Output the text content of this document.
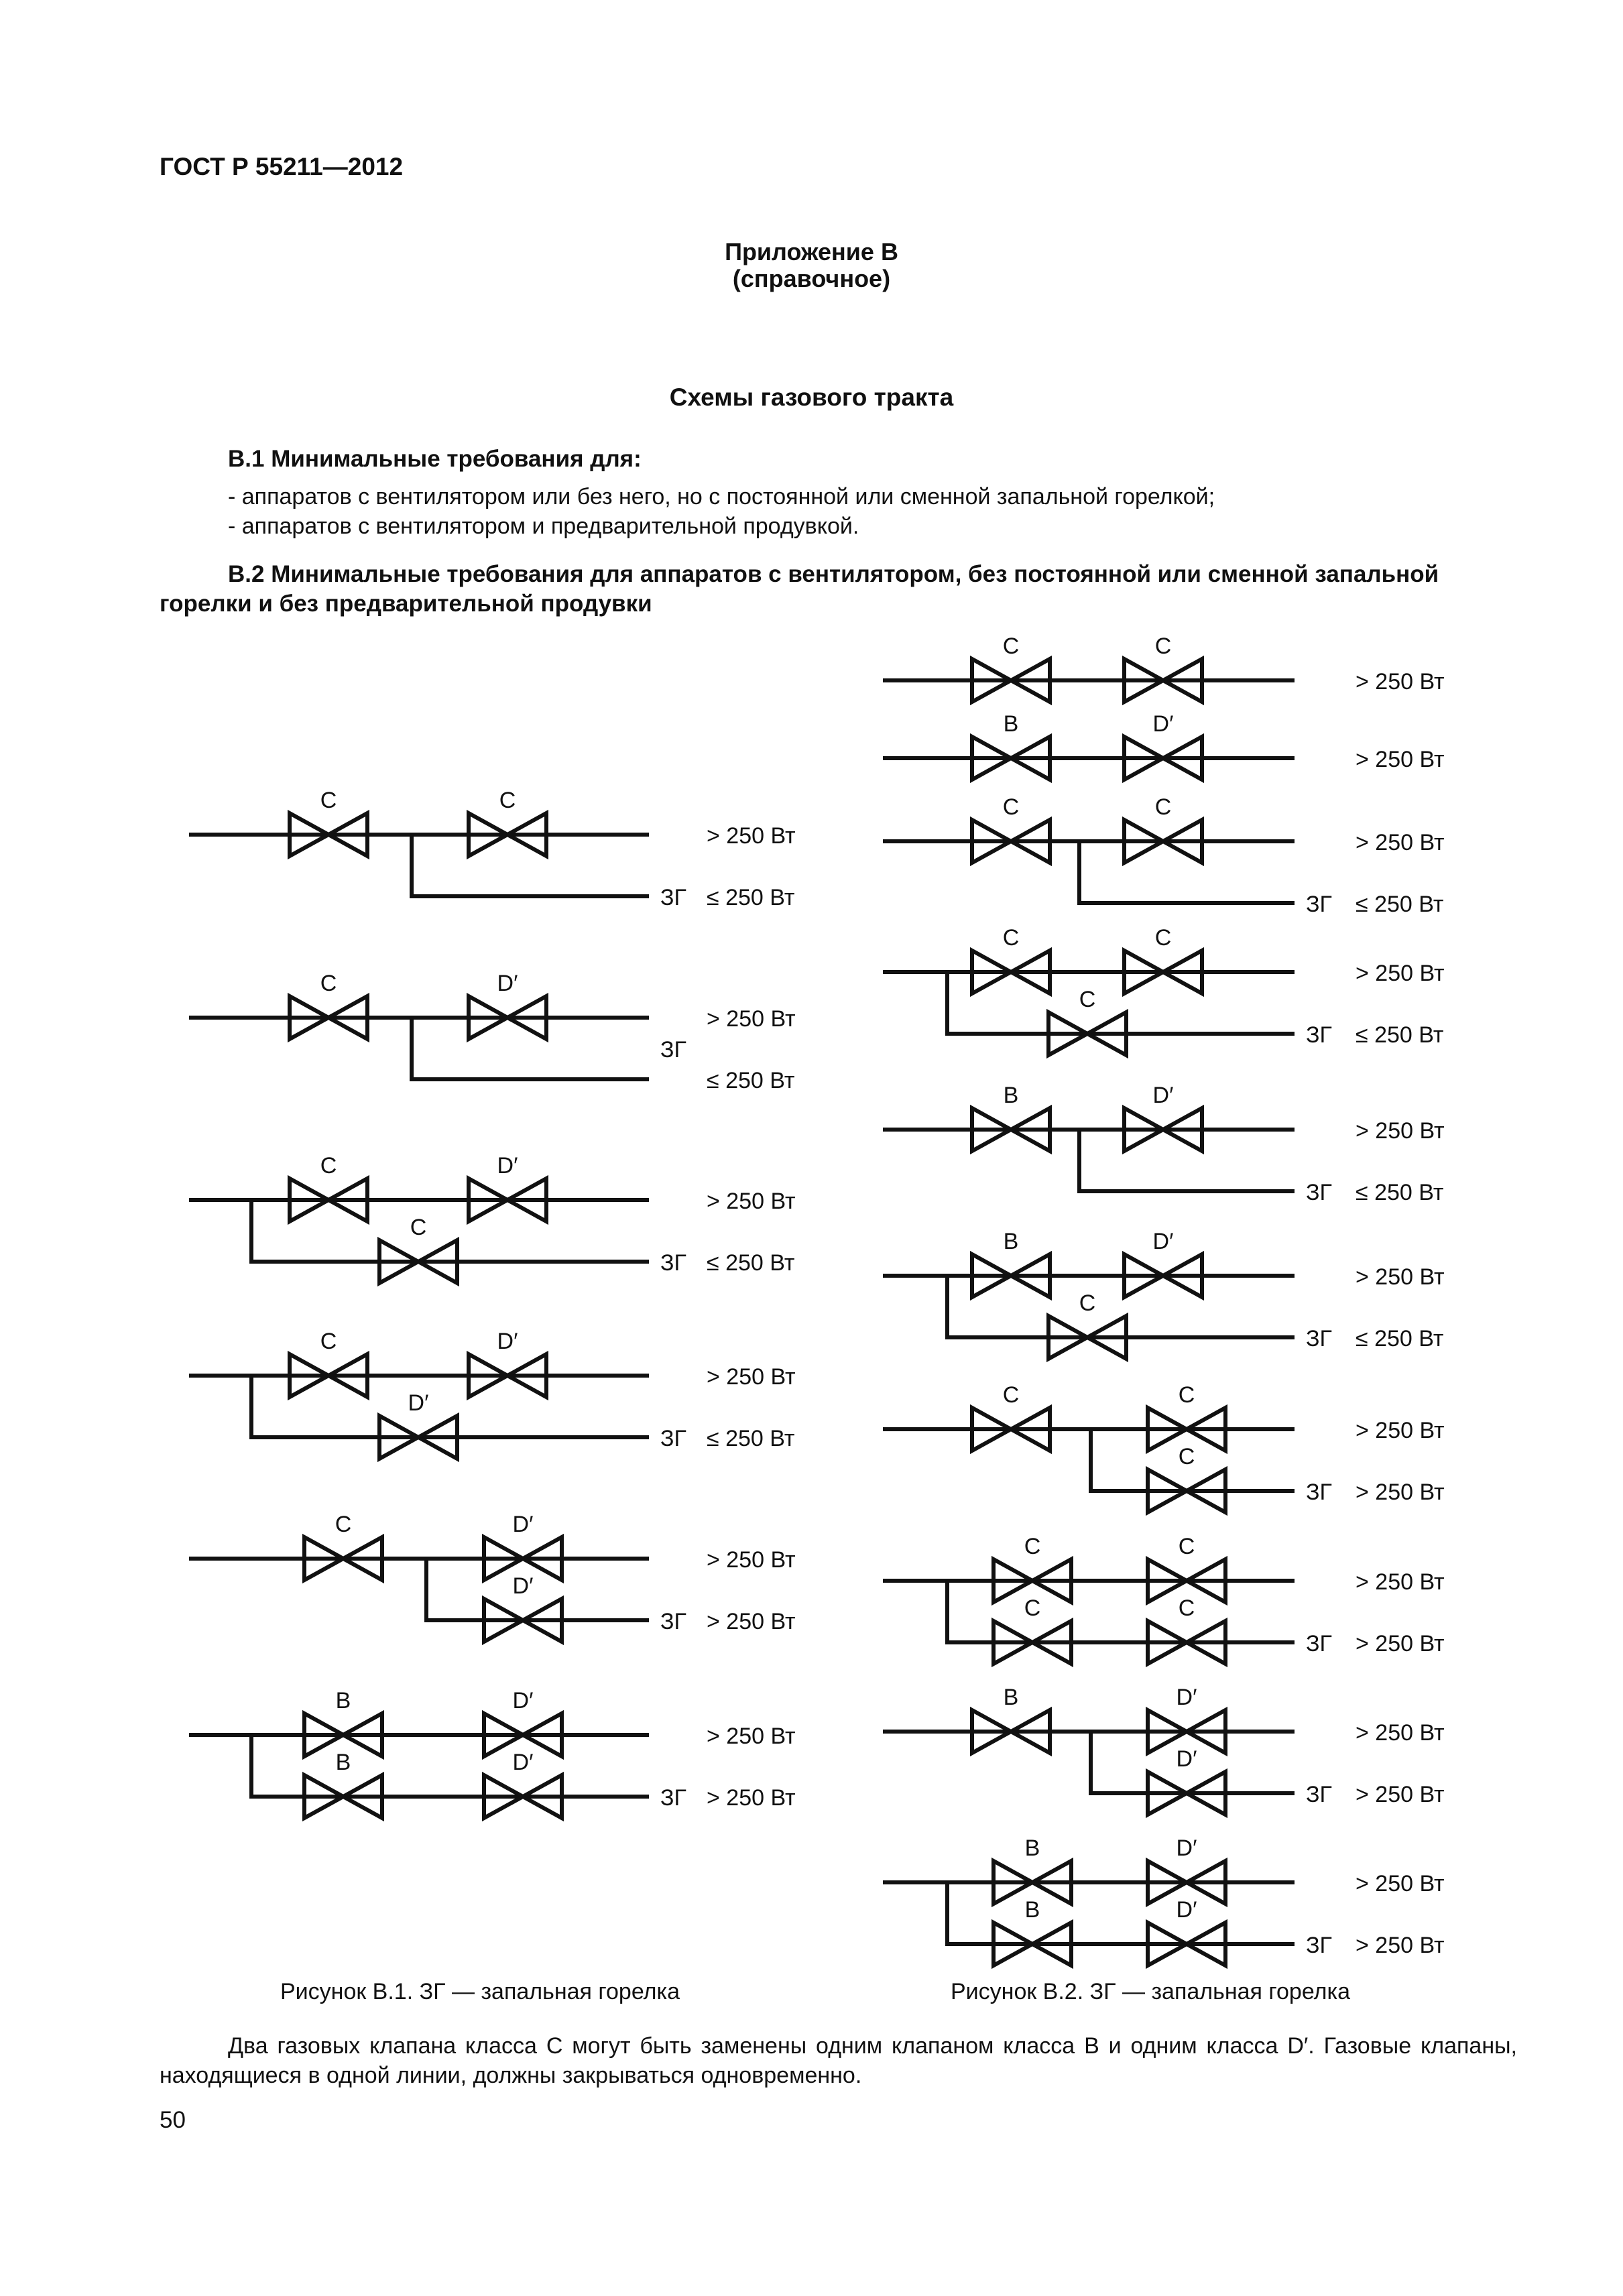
ГОСТ Р 55211—2012
Приложение В
(справочное)
Схемы газового тракта
В.1 Минимальные требования для:
- аппаратов с вентилятором или без него, но с постоянной или сменной запальной горелкой;
- аппаратов с вентилятором и предварительной продувкой.
В.2 Минимальные требования для аппаратов с вентилятором, без постоянной или сменной запальной горелки и без предварительной продувки
C	C
> 250 Вт
ЗГ ≤ 250 Вт
C	D′
> 250 Вт
ЗГ
≤ 250 Вт
C	D′
> 250 Вт
C
ЗГ ≤ 250 Вт
C	D′
> 250 Вт
D′
ЗГ ≤ 250 Вт
C	D′
> 250 Вт
D′
ЗГ > 250 Вт
B	D′
> 250 Вт
B	D′
ЗГ > 250 Вт
C	C
> 250 Вт
B	D′
> 250 Вт
C	C
> 250 Вт
ЗГ ≤ 250 Вт
C	C
> 250 Вт
C
ЗГ ≤ 250 Вт
B	D′
> 250 Вт
ЗГ ≤ 250 Вт
B	D′
> 250 Вт
C
ЗГ ≤ 250 Вт
C	C
> 250 Вт
C
ЗГ > 250 Вт
C	C
> 250 Вт
C	C
ЗГ > 250 Вт
B	D′
> 250 Вт
D′
ЗГ > 250 Вт
B	D′
> 250 Вт
B	D′
ЗГ > 250 Вт
Рисунок В.1. ЗГ — запальная горелка	Рисунок В.2. ЗГ — запальная горелка
Два газовых клапана класса С могут быть заменены одним клапаном класса В и одним класса D′. Газовые клапаны, находящиеся в одной линии, должны закрываться одновременно.
50
